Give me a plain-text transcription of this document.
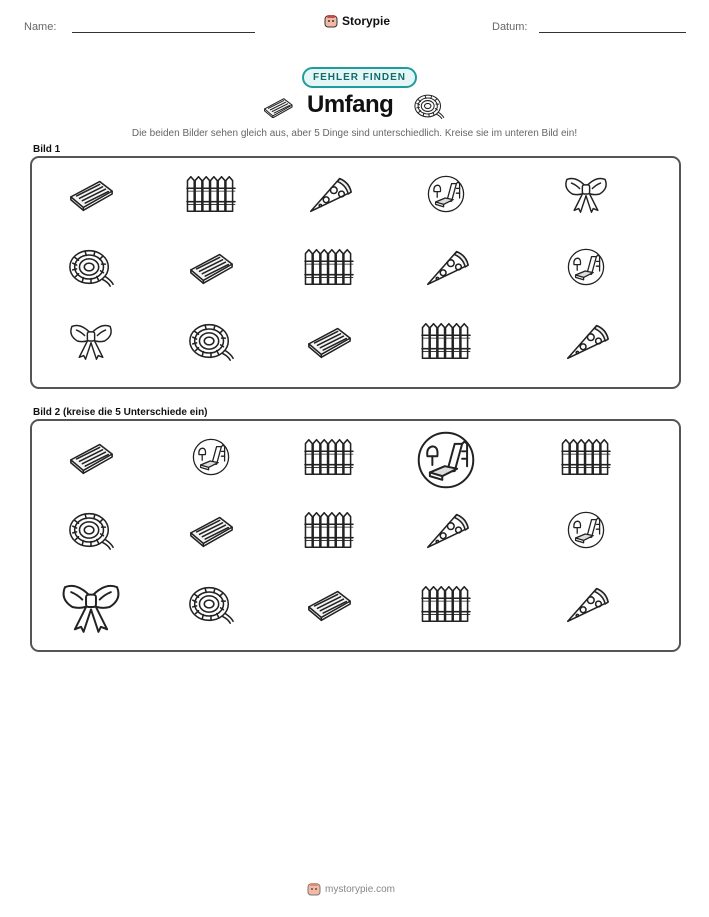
Name:	Storypie	Datum:
FEHLER FINDEN
Umfang
Die beiden Bilder sehen gleich aus, aber 5 Dinge sind unterschiedlich. Kreise sie im unteren Bild ein!
Bild 1
Bild 2 (kreise die 5 Unterschiede ein)
mystorypie.com
